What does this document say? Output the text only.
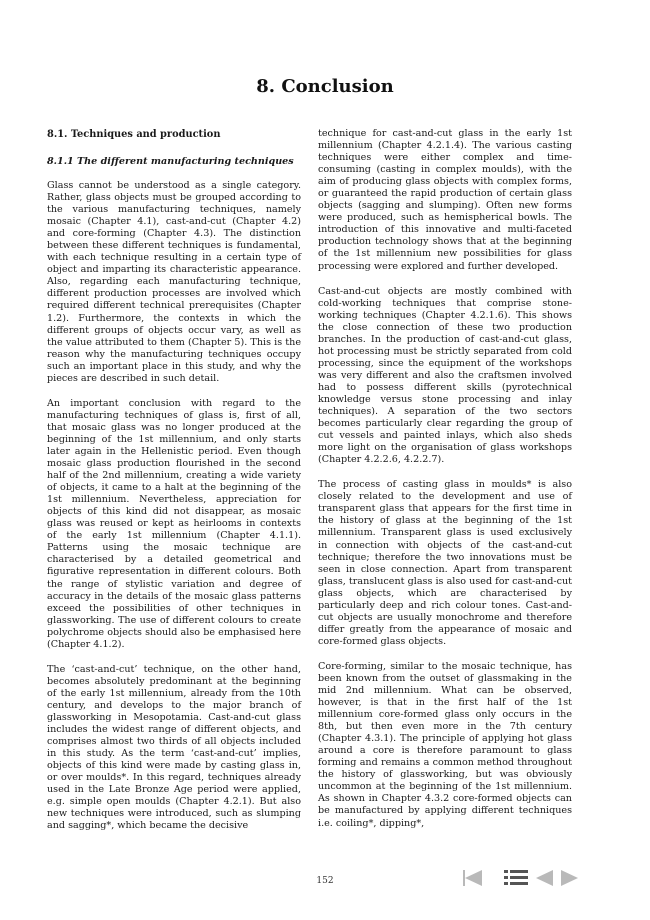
8. Conclusion

8.1. Techniques and production

8.1.1 The different manufacturing techniques

Glass cannot be understood as a single category. Rather, glass objects must be grouped according to the various manufacturing techniques, namely mosaic (Chapter 4.1), cast-and-cut (Chapter 4.2) and core-forming (Chapter 4.3). The distinction between these different techniques is fundamental, with each technique resulting in a certain type of object and imparting its characteristic appearance. Also, regarding each manufacturing technique, different production processes are involved which required different technical prerequisites (Chapter 1.2). Furthermore, the contexts in which the different groups of objects occur vary, as well as the value attributed to them (Chapter 5). This is the reason why the manufacturing techniques occupy such an important place in this study, and why the pieces are described in such detail.

An important conclusion with regard to the manufacturing techniques of glass is, first of all, that mosaic glass was no longer produced at the beginning of the 1st millennium, and only starts later again in the Hellenistic period. Even though mosaic glass production flourished in the second half of the 2nd millennium, creating a wide variety of objects, it came to a halt at the beginning of the 1st millennium. Nevertheless, appreciation for objects of this kind did not disappear, as mosaic glass was reused or kept as heirlooms in contexts of the early 1st millennium (Chapter 4.1.1). Patterns using the mosaic technique are characterised by a detailed geometrical and figurative representation in different colours. Both the range of stylistic variation and degree of accuracy in the details of the mosaic glass patterns exceed the possibilities of other techniques in glassworking. The use of different colours to create polychrome objects should also be emphasised here (Chapter 4.1.2).

The ‘cast-and-cut’ technique, on the other hand, becomes absolutely predominant at the beginning of the early 1st millennium, already from the 10th century, and develops to the major branch of glassworking in Mesopotamia. Cast-and-cut glass includes the widest range of different objects, and comprises almost two thirds of all objects included in this study. As the term ‘cast-and-cut’ implies, objects of this kind were made by casting glass in, or over moulds*. In this regard, techniques already used in the Late Bronze Age period were applied, e.g. simple open moulds (Chapter 4.2.1). But also new techniques were introduced, such as slumping and sagging*, which became the decisive

technique for cast-and-cut glass in the early 1st millennium (Chapter 4.2.1.4). The various casting techniques were either complex and time-consuming (casting in complex moulds), with the aim of producing glass objects with complex forms, or guaranteed the rapid production of certain glass objects (sagging and slumping). Often new forms were produced, such as hemispherical bowls. The introduction of this innovative and multi-faceted production technology shows that at the beginning of the 1st millennium new possibilities for glass processing were explored and further developed.

Cast-and-cut objects are mostly combined with cold-working techniques that comprise stone-working techniques (Chapter 4.2.1.6). This shows the close connection of these two production branches. In the production of cast-and-cut glass, hot processing must be strictly separated from cold processing, since the equipment of the workshops was very different and also the craftsmen involved had to possess different skills (pyrotechnical knowledge versus stone processing and inlay techniques). A separation of the two sectors becomes particularly clear regarding the group of cut vessels and painted inlays, which also sheds more light on the organisation of glass workshops (Chapter 4.2.2.6, 4.2.2.7).

The process of casting glass in moulds* is also closely related to the development and use of transparent glass that appears for the first time in the history of glass at the beginning of the 1st millennium. Transparent glass is used exclusively in connection with objects of the cast-and-cut technique; therefore the two innovations must be seen in close connection. Apart from transparent glass, translucent glass is also used for cast-and-cut glass objects, which are characterised by particularly deep and rich colour tones. Cast-and-cut objects are usually monochrome and therefore differ greatly from the appearance of mosaic and core-formed glass objects.

Core-forming, similar to the mosaic technique, has been known from the outset of glassmaking in the mid 2nd millennium. What can be observed, however, is that in the first half of the 1st millennium core-formed glass only occurs in the 8th, but then even more in the 7th century (Chapter 4.3.1). The principle of applying hot glass around a core is therefore paramount to glass forming and remains a common method throughout the history of glassworking, but was obviously uncommon at the beginning of the 1st millennium. As shown in Chapter 4.3.2 core-formed objects can be manufactured by applying different techniques i.e. coiling*, dipping*,

152
